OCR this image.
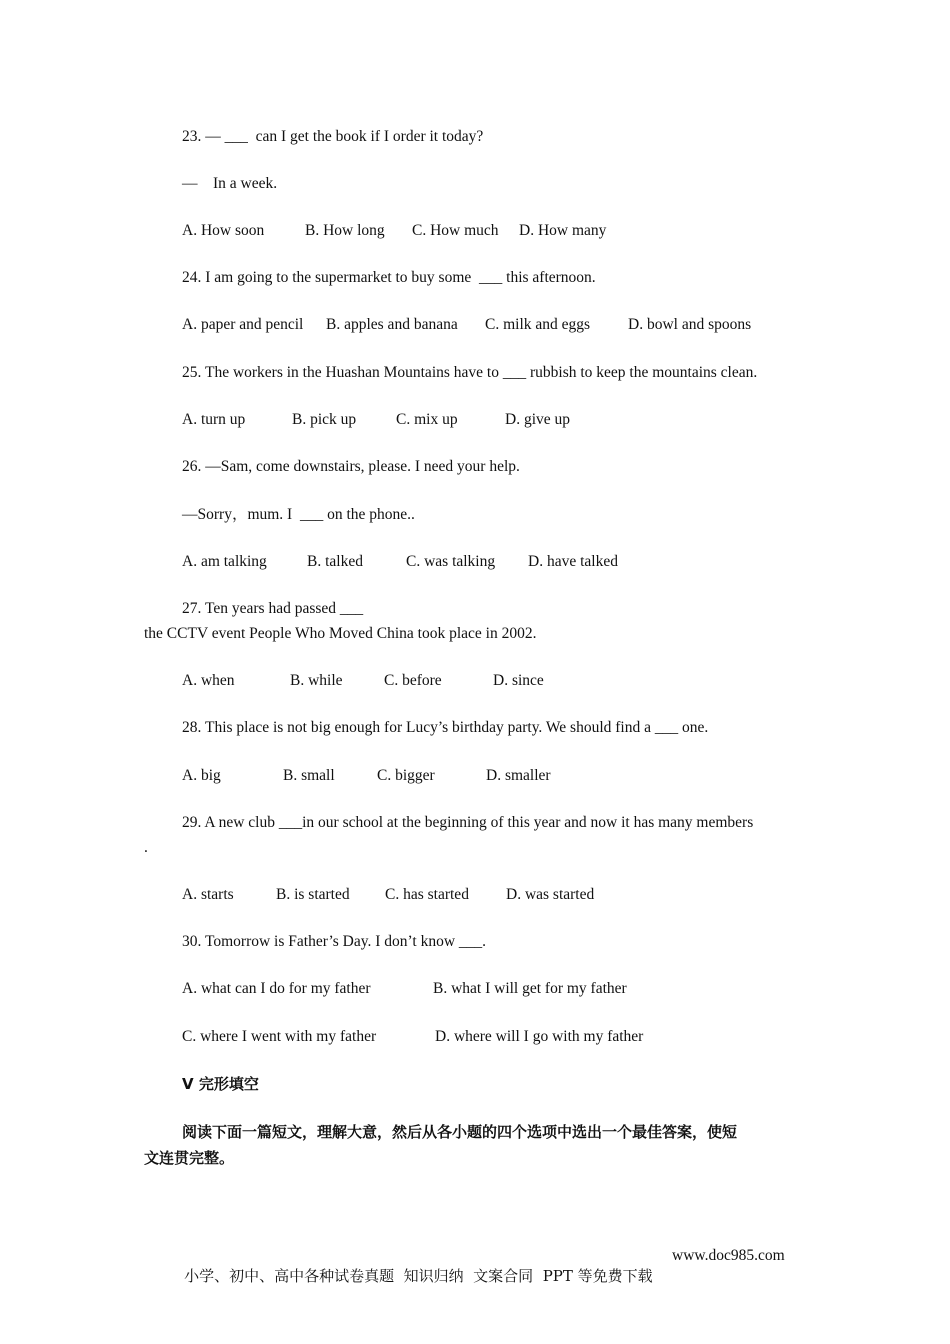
23. — ___  can I get the book if I order it today?
—    In a week.
A. How soon	B. How long C. How much D. How many
24. I am going to the supermarket to buy some  ___ this afternoon.
A. paper and pencil B. apples and banana C. milk and eggs D. bowl and spoons
25. The workers in the Huashan Mountains have to ___ rubbish to keep the mountains clean.
A. turn up	B. pick up	C. mix up	D. give up
26. —Sam, come downstairs, please. I need your help.
—Sorry，mum. I  ___ on the phone..
A. am talking	B. talked	C. was talking D. have talked
27. Ten years had passed ___
the CCTV event People Who Moved China took place in 2002.
A. when	B. while	C. before	D. since
28. This place is not big enough for Lucy’s birthday party. We should find a ___ one.
A. big	B. small	C. bigger	D. smaller
29. A new club ___in our school at the beginning of this year and now it has many members
.
A. starts	B. is started C. has started D. was started
30. Tomorrow is Father’s Day. I don’t know ___.
A. what can I do for my father	B. what I will get for my father
C. where I went with my father	D. where will I go with my father
V 完形填空
阅读下面一篇短文，理解大意，然后从各小题的四个选项中选出一个最佳答案，使短
文连贯完整。

小学、初中、高中各种试卷真题  知识归纳  文案合同  PPT 等免费下载

www.doc985.com
